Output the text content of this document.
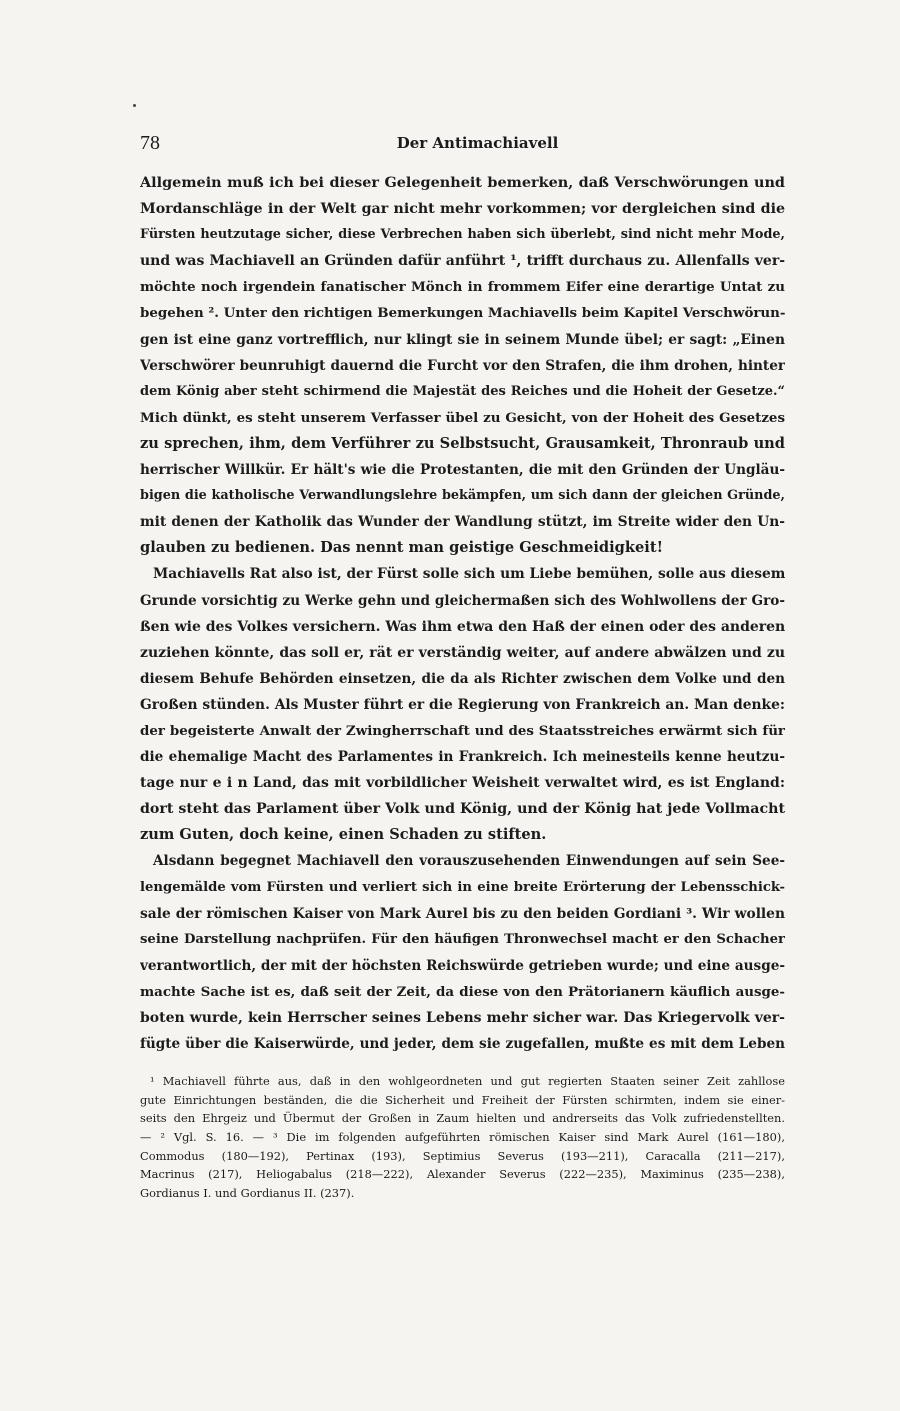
78	Der Antimachiavell
Allgemein muß ich bei dieser Gelegenheit bemerken, daß Verschwörungen und
Mordanschläge in der Welt gar nicht mehr vorkommen; vor dergleichen sind die
Fürsten heutzutage sicher, diese Verbrechen haben sich überlebt, sind nicht mehr Mode,
und was Machiavell an Gründen dafür anführt ¹, trifft durchaus zu. Allenfalls ver-
möchte noch irgendein fanatischer Mönch in frommem Eifer eine derartige Untat zu
begehen ². Unter den richtigen Bemerkungen Machiavells beim Kapitel Verschwörun-
gen ist eine ganz vortrefflich, nur klingt sie in seinem Munde übel; er sagt: „Einen
Verschwörer beunruhigt dauernd die Furcht vor den Strafen, die ihm drohen, hinter
dem König aber steht schirmend die Majestät des Reiches und die Hoheit der Gesetze.“
Mich dünkt, es steht unserem Verfasser übel zu Gesicht, von der Hoheit des Gesetzes
zu sprechen, ihm, dem Verführer zu Selbstsucht, Grausamkeit, Thronraub und
herrischer Willkür. Er hält's wie die Protestanten, die mit den Gründen der Ungläu-
bigen die katholische Verwandlungslehre bekämpfen, um sich dann der gleichen Gründe,
mit denen der Katholik das Wunder der Wandlung stützt, im Streite wider den Un-
glauben zu bedienen. Das nennt man geistige Geschmeidigkeit!
Machiavells Rat also ist, der Fürst solle sich um Liebe bemühen, solle aus diesem
Grunde vorsichtig zu Werke gehn und gleichermaßen sich des Wohlwollens der Gro-
ßen wie des Volkes versichern. Was ihm etwa den Haß der einen oder des anderen
zuziehen könnte, das soll er, rät er verständig weiter, auf andere abwälzen und zu
diesem Behufe Behörden einsetzen, die da als Richter zwischen dem Volke und den
Großen stünden. Als Muster führt er die Regierung von Frankreich an. Man denke:
der begeisterte Anwalt der Zwingherrschaft und des Staatsstreiches erwärmt sich für
die ehemalige Macht des Parlamentes in Frankreich. Ich meinesteils kenne heutzu-
tage nur e i n Land, das mit vorbildlicher Weisheit verwaltet wird, es ist England:
dort steht das Parlament über Volk und König, und der König hat jede Vollmacht
zum Guten, doch keine, einen Schaden zu stiften.
Alsdann begegnet Machiavell den vorauszusehenden Einwendungen auf sein See-
lengemälde vom Fürsten und verliert sich in eine breite Erörterung der Lebensschick-
sale der römischen Kaiser von Mark Aurel bis zu den beiden Gordiani ³. Wir wollen
seine Darstellung nachprüfen. Für den häufigen Thronwechsel macht er den Schacher
verantwortlich, der mit der höchsten Reichswürde getrieben wurde; und eine ausge-
machte Sache ist es, daß seit der Zeit, da diese von den Prätorianern käuflich ausge-
boten wurde, kein Herrscher seines Lebens mehr sicher war. Das Kriegervolk ver-
fügte über die Kaiserwürde, und jeder, dem sie zugefallen, mußte es mit dem Leben
¹ Machiavell führte aus, daß in den wohlgeordneten und gut regierten Staaten seiner Zeit zahllose
gute Einrichtungen beständen, die die Sicherheit und Freiheit der Fürsten schirmten, indem sie einer-
seits den Ehrgeiz und Übermut der Großen in Zaum hielten und andrerseits das Volk zufriedenstellten.
— ² Vgl. S. 16. — ³ Die im folgenden aufgeführten römischen Kaiser sind Mark Aurel (161—180),
Commodus (180—192), Pertinax (193), Septimius Severus (193—211), Caracalla (211—217),
Macrinus (217), Heliogabalus (218—222), Alexander Severus (222—235), Maximinus (235—238),
Gordianus I. und Gordianus II. (237).
